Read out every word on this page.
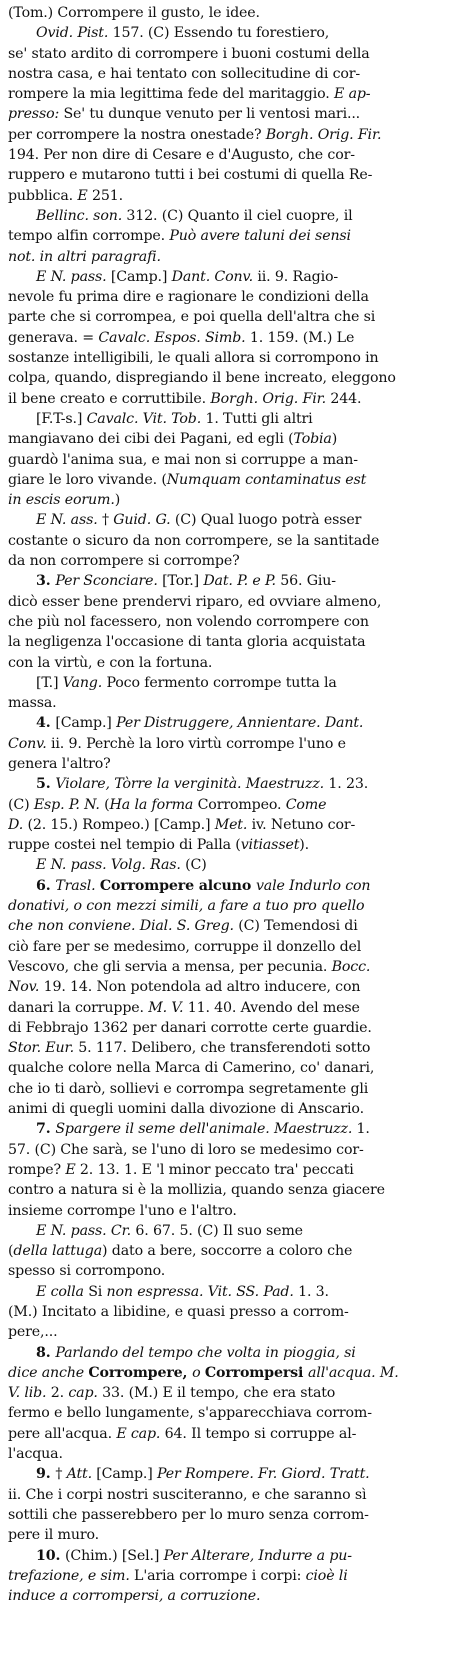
(Tom.) Corrompere il gusto, le idee.
Ovid. Pist. 157. (C) Essendo tu forestiero,
se' stato ardito di corrompere i buoni costumi della
nostra casa, e hai tentato con sollecitudine di cor-
rompere la mia legittima fede del maritaggio. E ap-
presso: Se' tu dunque venuto per li ventosi mari...
per corrompere la nostra onestade? Borgh. Orig. Fir.
194. Per non dire di Cesare e d'Augusto, che cor-
ruppero e mutarono tutti i bei costumi di quella Re-
pubblica. E 251.
Bellinc. son. 312. (C) Quanto il ciel cuopre, il
tempo alfin corrompe. Può avere taluni dei sensi
not. in altri paragrafi.
E N. pass. [Camp.] Dant. Conv. ii. 9. Ragio-
nevole fu prima dire e ragionare le condizioni della
parte che si corrompea, e poi quella dell'altra che si
generava. = Cavalc. Espos. Simb. 1. 159. (M.) Le
sostanze intelligibili, le quali allora si corrompono in
colpa, quando, dispregiando il bene increato, eleggono
il bene creato e corruttibile. Borgh. Orig. Fir. 244.
[F.T-s.] Cavalc. Vit. Tob. 1. Tutti gli altri
mangiavano dei cibi dei Pagani, ed egli (Tobia)
guardò l'anima sua, e mai non si corruppe a man-
giare le loro vivande. (Numquam contaminatus est
in escis eorum.)
E N. ass. † Guid. G. (C) Qual luogo potrà esser
costante o sicuro da non corrompere, se la santitade
da non corrompere si corrompe?
3. Per Sconciare. [Tor.] Dat. P. e P. 56. Giu-
dicò esser bene prendervi riparo, ed ovviare almeno,
che più nol facessero, non volendo corrompere con
la negligenza l'occasione di tanta gloria acquistata
con la virtù, e con la fortuna.
[T.] Vang. Poco fermento corrompe tutta la
massa.
4. [Camp.] Per Distruggere, Annientare. Dant.
Conv. ii. 9. Perchè la loro virtù corrompe l'uno e
genera l'altro?
5. Violare, Tòrre la verginità. Maestruzz. 1. 23.
(C) Esp. P. N. (Ha la forma Corrompeo. Come
D. (2. 15.) Rompeo.) [Camp.] Met. iv. Netuno cor-
ruppe costei nel tempio di Palla (vitiasset).
E N. pass. Volg. Ras. (C)
6. Trasl. Corrompere alcuno vale Indurlo con
donativi, o con mezzi simili, a fare a tuo pro quello
che non conviene. Dial. S. Greg. (C) Temendosi di
ciò fare per se medesimo, corruppe il donzello del
Vescovo, che gli servia a mensa, per pecunia. Bocc.
Nov. 19. 14. Non potendola ad altro inducere, con
danari la corruppe. M. V. 11. 40. Avendo del mese
di Febbrajo 1362 per danari corrotte certe guardie.
Stor. Eur. 5. 117. Delibero, che transferendoti sotto
qualche colore nella Marca di Camerino, co' danari,
che io ti darò, sollievi e corrompa segretamente gli
animi di quegli uomini dalla divozione di Anscario.
7. Spargere il seme dell'animale. Maestruzz. 1.
57. (C) Che sarà, se l'uno di loro se medesimo cor-
rompe? E 2. 13. 1. E 'l minor peccato tra' peccati
contro a natura si è la mollizia, quando senza giacere
insieme corrompe l'uno e l'altro.
E N. pass. Cr. 6. 67. 5. (C) Il suo seme
(della lattuga) dato a bere, soccorre a coloro che
spesso si corrompono.
E colla Si non espressa. Vit. SS. Pad. 1. 3.
(M.) Incitato a libidine, e quasi presso a corrom-
pere,...
8. Parlando del tempo che volta in pioggia, si
dice anche Corrompere, o Corrompersi all'acqua. M.
V. lib. 2. cap. 33. (M.) E il tempo, che era stato
fermo e bello lungamente, s'apparecchiava corrom-
pere all'acqua. E cap. 64. Il tempo si corruppe al-
l'acqua.
9. † Att. [Camp.] Per Rompere. Fr. Giord. Tratt.
ii. Che i corpi nostri susciteranno, e che saranno sì
sottili che passerebbero per lo muro senza corrom-
pere il muro.
10. (Chim.) [Sel.] Per Alterare, Indurre a pu-
trefazione, e sim. L'aria corrompe i corpi: cioè li
induce a corrompersi, a corruzione.
